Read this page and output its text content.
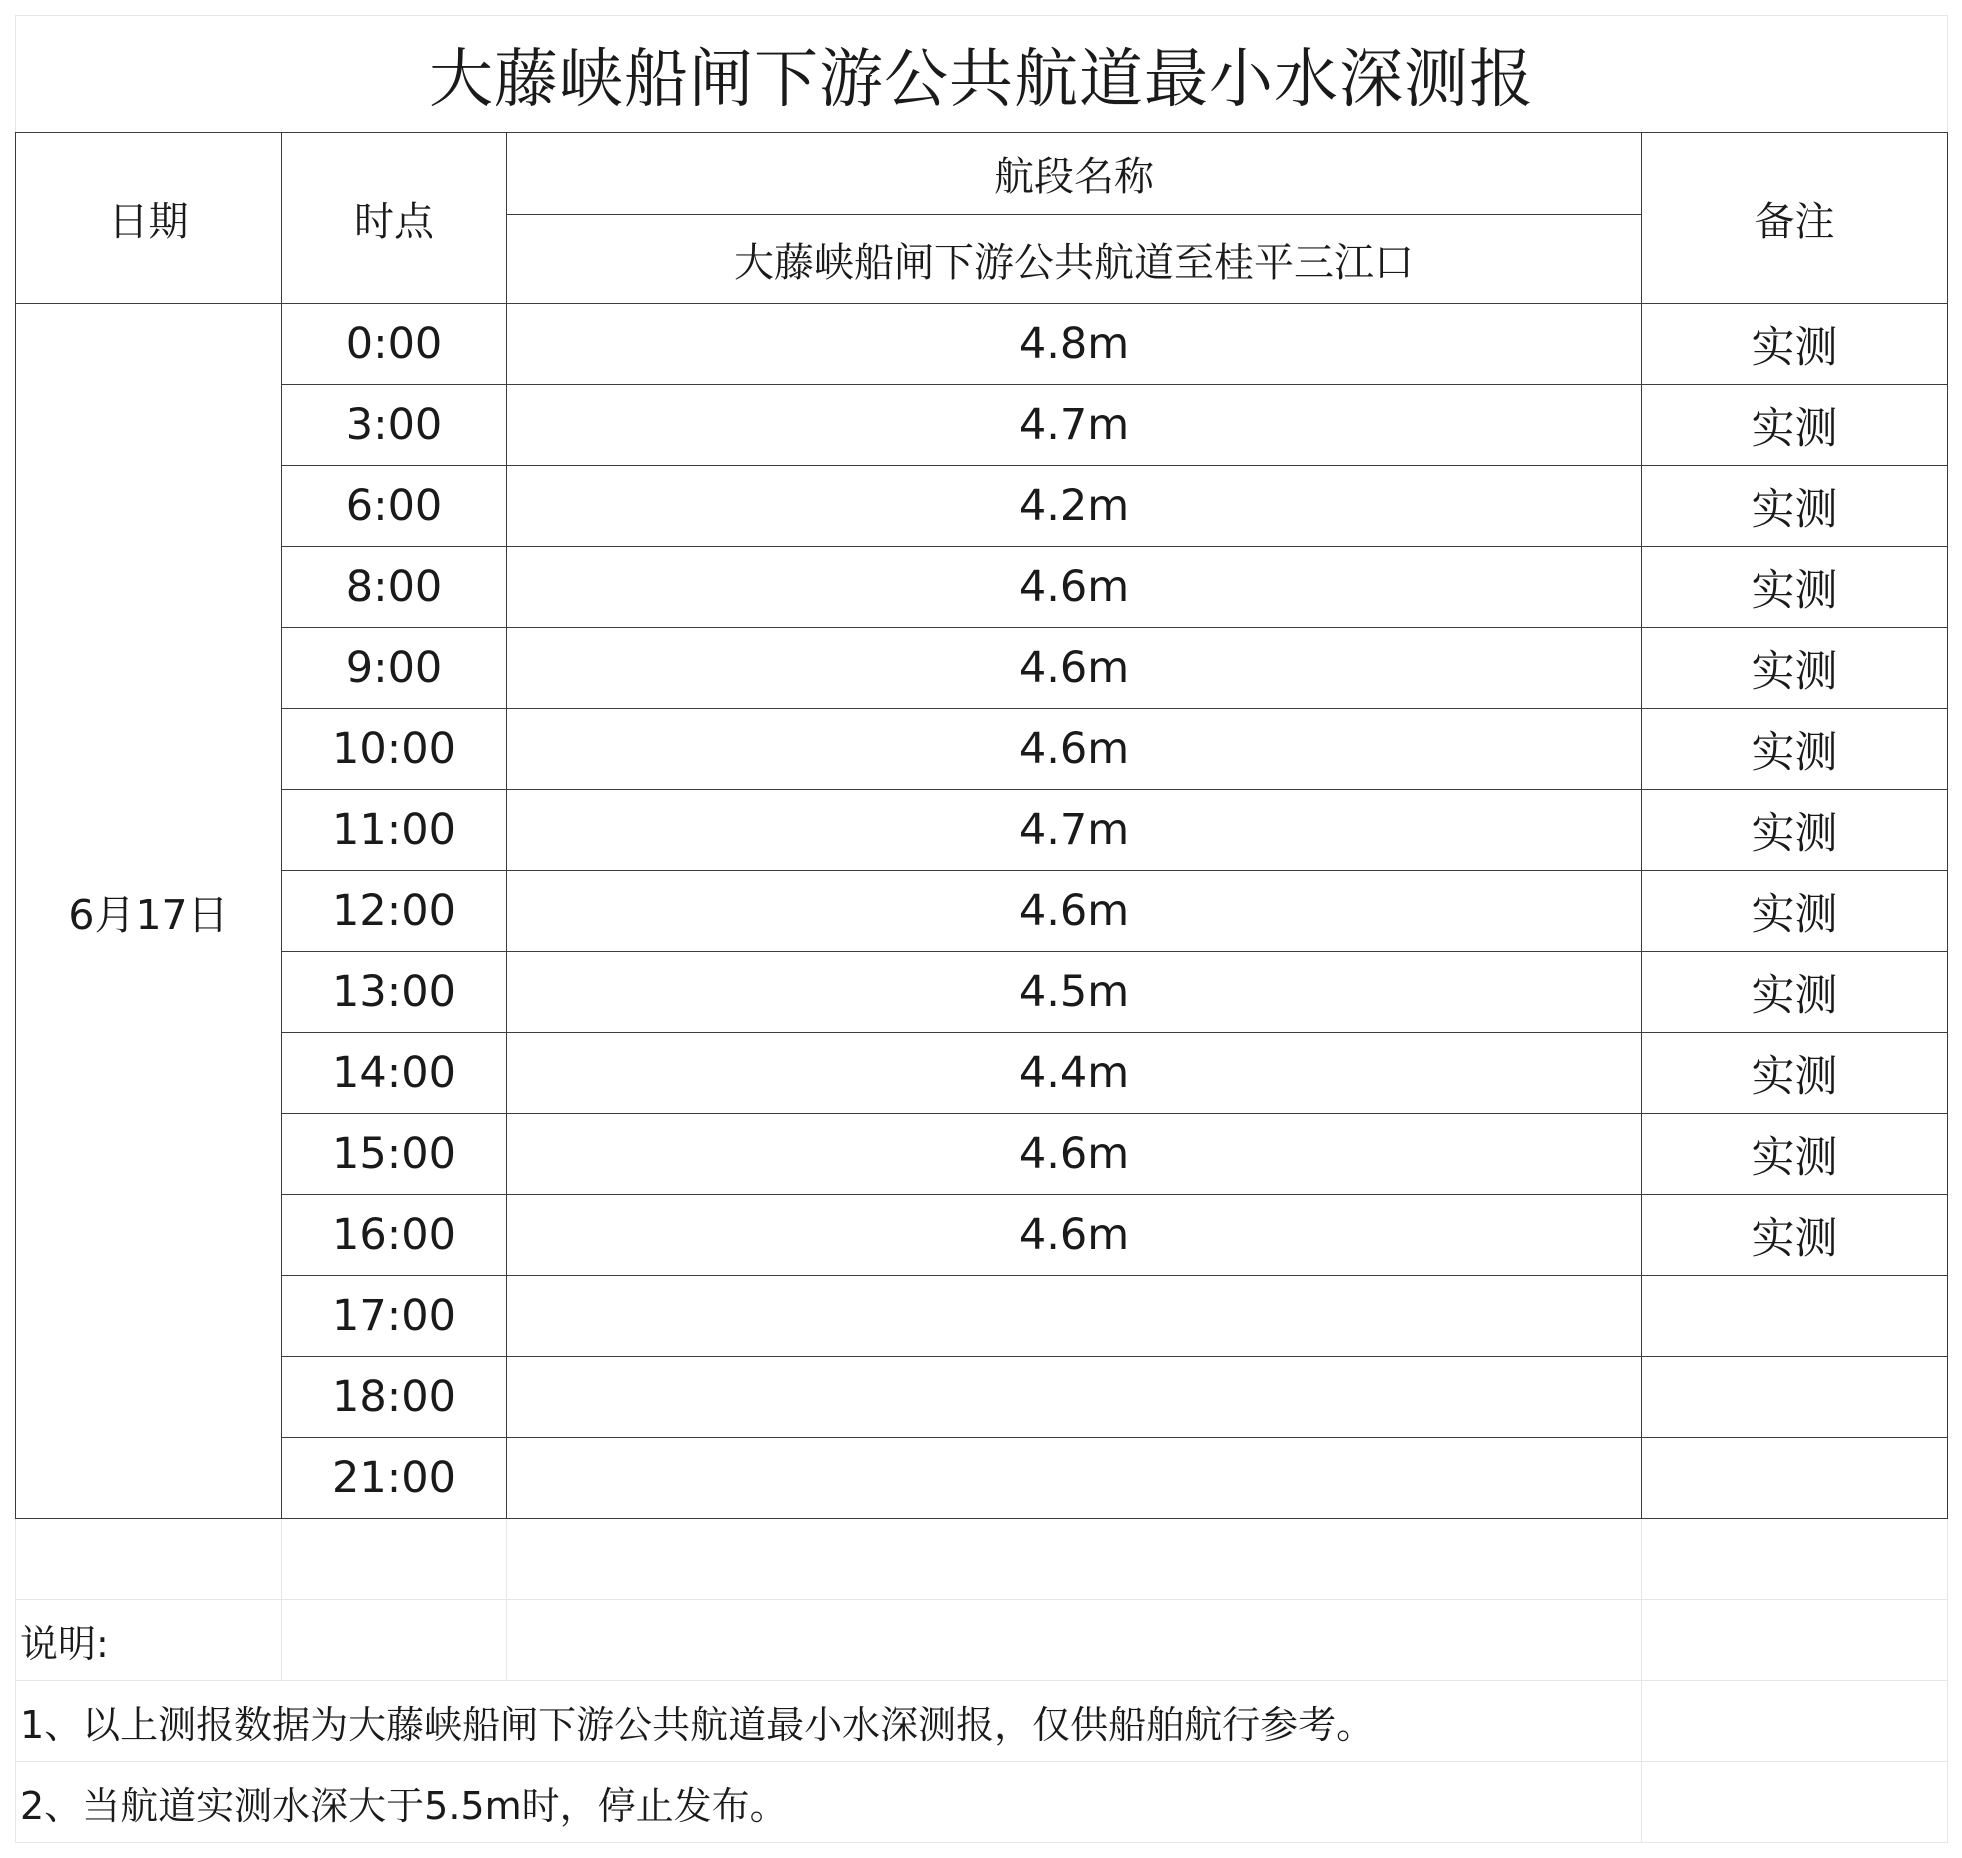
大藤峡船闸下游公共航道最小水深测报			
日期	时点	航段名称	备注
		大藤峡船闸下游公共航道至桂平三江口	
6月17日	0:00	4.8m	实测
	3:00	4.7m	实测
	6:00	4.2m	实测
	8:00	4.6m	实测
	9:00	4.6m	实测
	10:00	4.6m	实测
	11:00	4.7m	实测
	12:00	4.6m	实测
	13:00	4.5m	实测
	14:00	4.4m	实测
	15:00	4.6m	实测
	16:00	4.6m	实测
	17:00		
	18:00		
	21:00		

说明:			
1、以上测报数据为大藤峡船闸下游公共航道最小水深测报，仅供船舶航行参考。			
2、当航道实测水深大于5.5m时，停止发布。			
